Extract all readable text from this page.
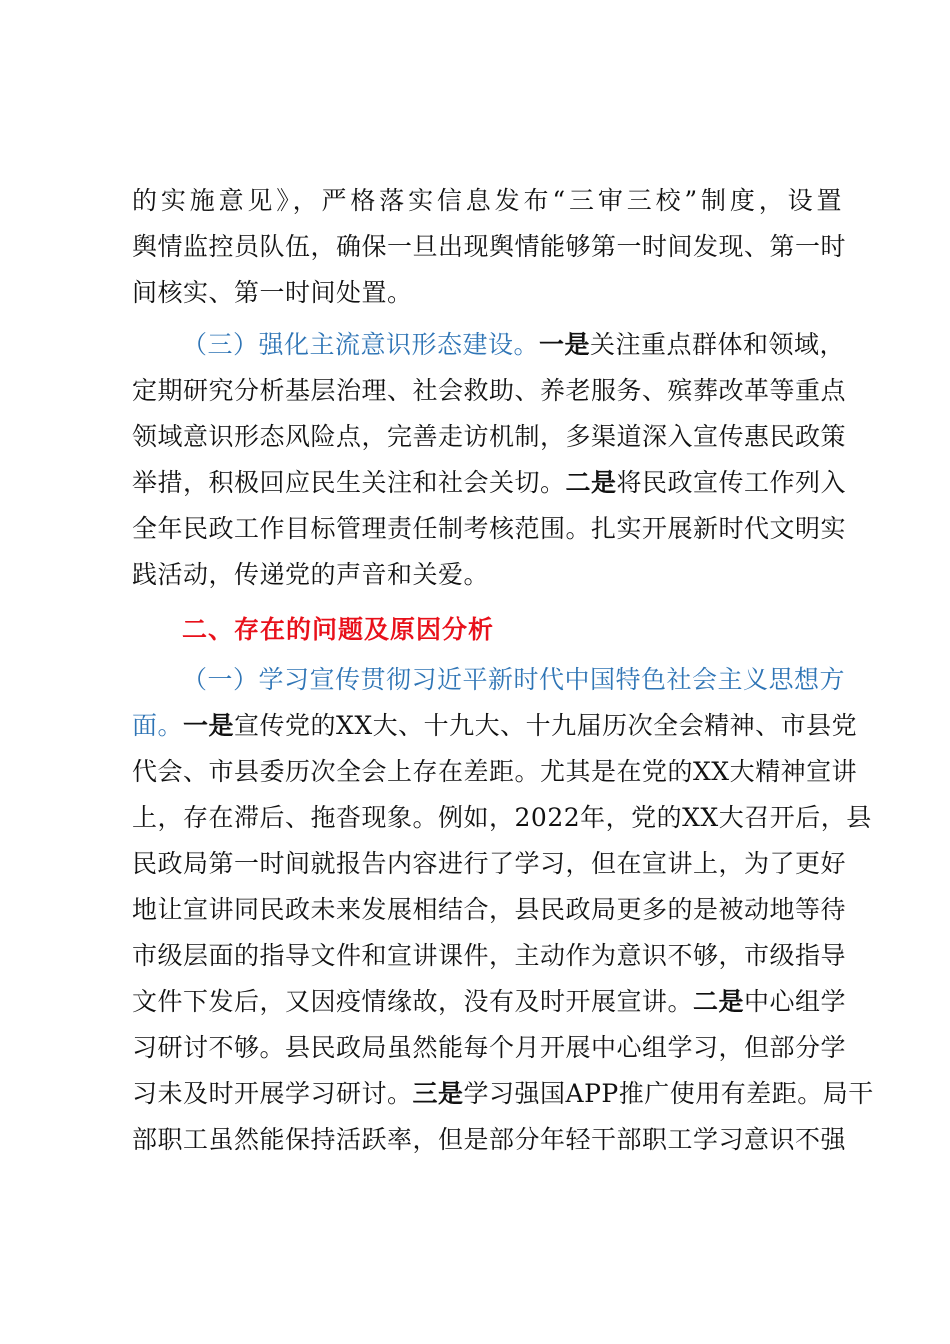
的实施意见》，严格落实信息发布“三审三校”制度，设置
舆情监控员队伍，确保一旦出现舆情能够第一时间发现、第一时
间核实、第一时间处置。
（三）强化主流意识形态建设。一是关注重点群体和领域，
定期研究分析基层治理、社会救助、养老服务、殡葬改革等重点
领域意识形态风险点，完善走访机制，多渠道深入宣传惠民政策
举措，积极回应民生关注和社会关切。二是将民政宣传工作列入
全年民政工作目标管理责任制考核范围。扎实开展新时代文明实
践活动，传递党的声音和关爱。
二、存在的问题及原因分析
（一）学习宣传贯彻习近平新时代中国特色社会主义思想方
面。一是宣传党的XX大、十九大、十九届历次全会精神、市县党
代会、市县委历次全会上存在差距。尤其是在党的XX大精神宣讲
上，存在滞后、拖沓现象。例如，2022年，党的XX大召开后，县
民政局第一时间就报告内容进行了学习，但在宣讲上，为了更好
地让宣讲同民政未来发展相结合，县民政局更多的是被动地等待
市级层面的指导文件和宣讲课件，主动作为意识不够，市级指导
文件下发后，又因疫情缘故，没有及时开展宣讲。二是中心组学
习研讨不够。县民政局虽然能每个月开展中心组学习，但部分学
习未及时开展学习研讨。三是学习强国APP推广使用有差距。局干
部职工虽然能保持活跃率，但是部分年轻干部职工学习意识不强
